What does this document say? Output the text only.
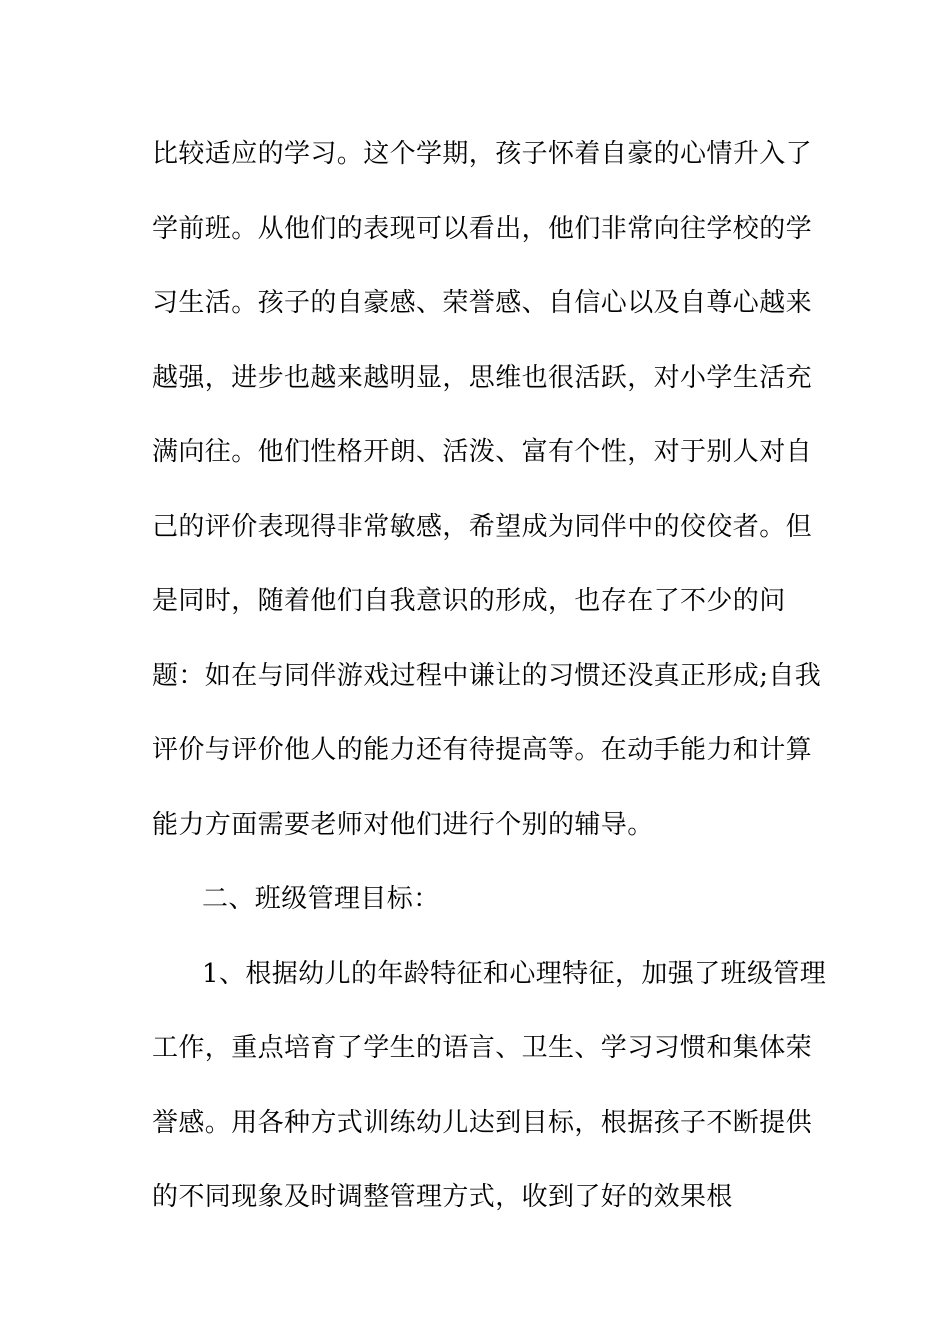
比较适应的学习。这个学期，孩子怀着自豪的心情升入了
学前班。从他们的表现可以看出，他们非常向往学校的学
习生活。孩子的自豪感、荣誉感、自信心以及自尊心越来
越强，进步也越来越明显，思维也很活跃，对小学生活充
满向往。他们性格开朗、活泼、富有个性，对于别人对自
己的评价表现得非常敏感，希望成为同伴中的佼佼者。但
是同时，随着他们自我意识的形成，也存在了不少的问
题：如在与同伴游戏过程中谦让的习惯还没真正形成;自我
评价与评价他人的能力还有待提高等。在动手能力和计算
能力方面需要老师对他们进行个别的辅导。
二、班级管理目标：
1、根据幼儿的年龄特征和心理特征，加强了班级管理
工作，重点培育了学生的语言、卫生、学习习惯和集体荣
誉感。用各种方式训练幼儿达到目标，根据孩子不断提供
的不同现象及时调整管理方式，收到了好的效果根
